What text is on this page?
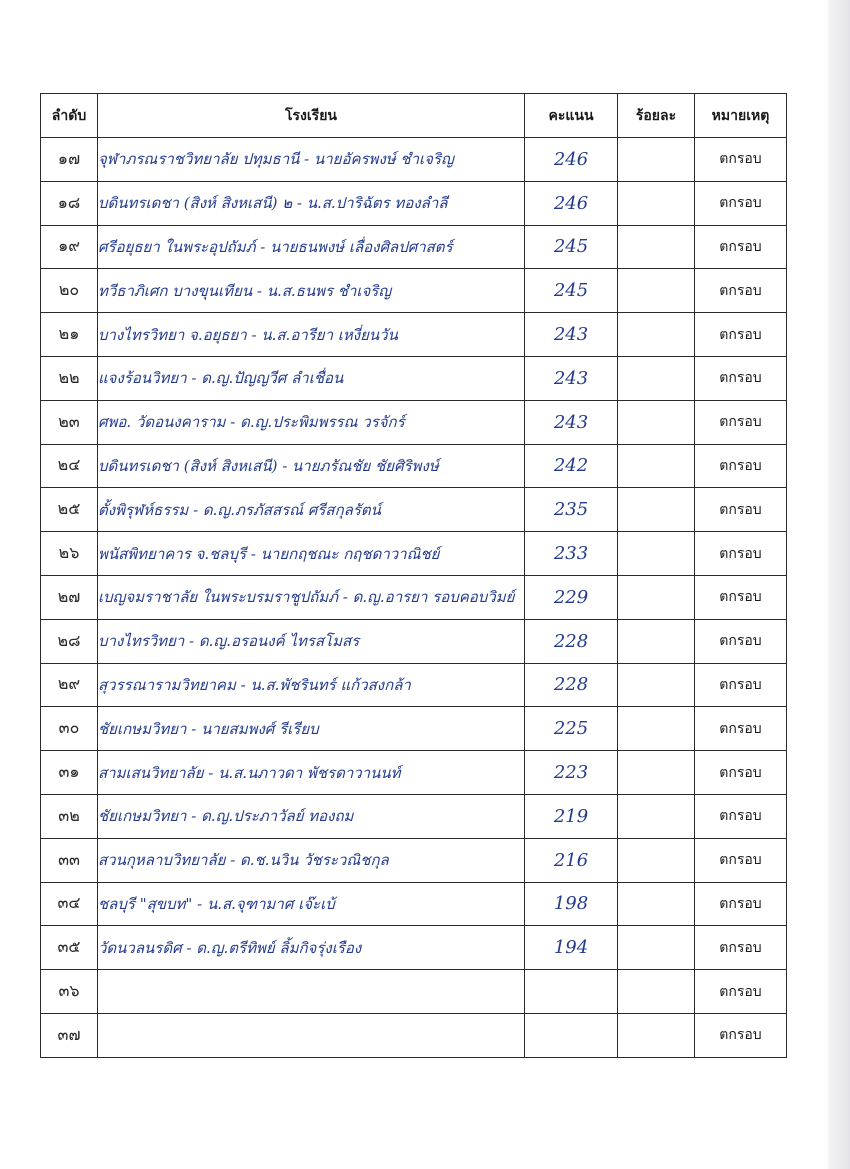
ลำดับ	โรงเรียน	คะแนน	ร้อยละ	หมายเหตุ
๑๗	จุฬาภรณราชวิทยาลัย ปทุมธานี - นายอัครพงษ์ ชำเจริญ	246		ตกรอบ
๑๘	บดินทรเดชา (สิงห์ สิงหเสนี) ๒ - น.ส.ปาริฉัตร ทองลำลี	246		ตกรอบ
๑๙	ศรีอยุธยา ในพระอุปถัมภ์ - นายธนพงษ์ เลื่องศิลปศาสตร์	245		ตกรอบ
๒๐	ทวีธาภิเศก บางขุนเทียน - น.ส.ธนพร ชำเจริญ	245		ตกรอบ
๒๑	บางไทรวิทยา จ.อยุธยา - น.ส.อารียา เหงี่ยนวัน	243		ตกรอบ
๒๒	แจงร้อนวิทยา - ด.ญ.ปัญญวีศ ลำเชื่อน	243		ตกรอบ
๒๓	ศพอ. วัดอนงคาราม - ด.ญ.ประพิมพรรณ วรจักร์	243		ตกรอบ
๒๔	บดินทรเดชา (สิงห์ สิงหเสนี) - นายภรัณชัย ชัยศิริพงษ์	242		ตกรอบ
๒๕	ตั้งพิรุฬห์ธรรม - ด.ญ.ภรภัสสรณ์ ศรีสกุลรัตน์	235		ตกรอบ
๒๖	พนัสพิทยาคาร จ.ชลบุรี - นายกฤชณะ กฤชดาวาณิชย์	233		ตกรอบ
๒๗	เบญจมราชาลัย ในพระบรมราชูปถัมภ์ - ด.ญ.อารยา รอบคอบวิมย์	229		ตกรอบ
๒๘	บางไทรวิทยา - ด.ญ.อรอนงค์ ไทรสโมสร	228		ตกรอบ
๒๙	สุวรรณารามวิทยาคม - น.ส.พัชรินทร์ แก้วสงกล้า	228		ตกรอบ
๓๐	ชัยเกษมวิทยา - นายสมพงศ์ รีเรียบ	225		ตกรอบ
๓๑	สามเสนวิทยาลัย - น.ส.นภาวดา พัชรดาวานนท์	223		ตกรอบ
๓๒	ชัยเกษมวิทยา - ด.ญ.ประภาวัลย์ ทองถม	219		ตกรอบ
๓๓	สวนกุหลาบวิทยาลัย - ด.ช.นวิน วัชระวณิชกุล	216		ตกรอบ
๓๔	ชลบุรี "สุขบท" - น.ส.จุฑามาศ เจ๊ะเบ้	198		ตกรอบ
๓๕	วัดนวลนรดิศ - ด.ญ.ตรีทิพย์ ลิ้มกิจรุ่งเรือง	194		ตกรอบ
๓๖				ตกรอบ
๓๗				ตกรอบ
